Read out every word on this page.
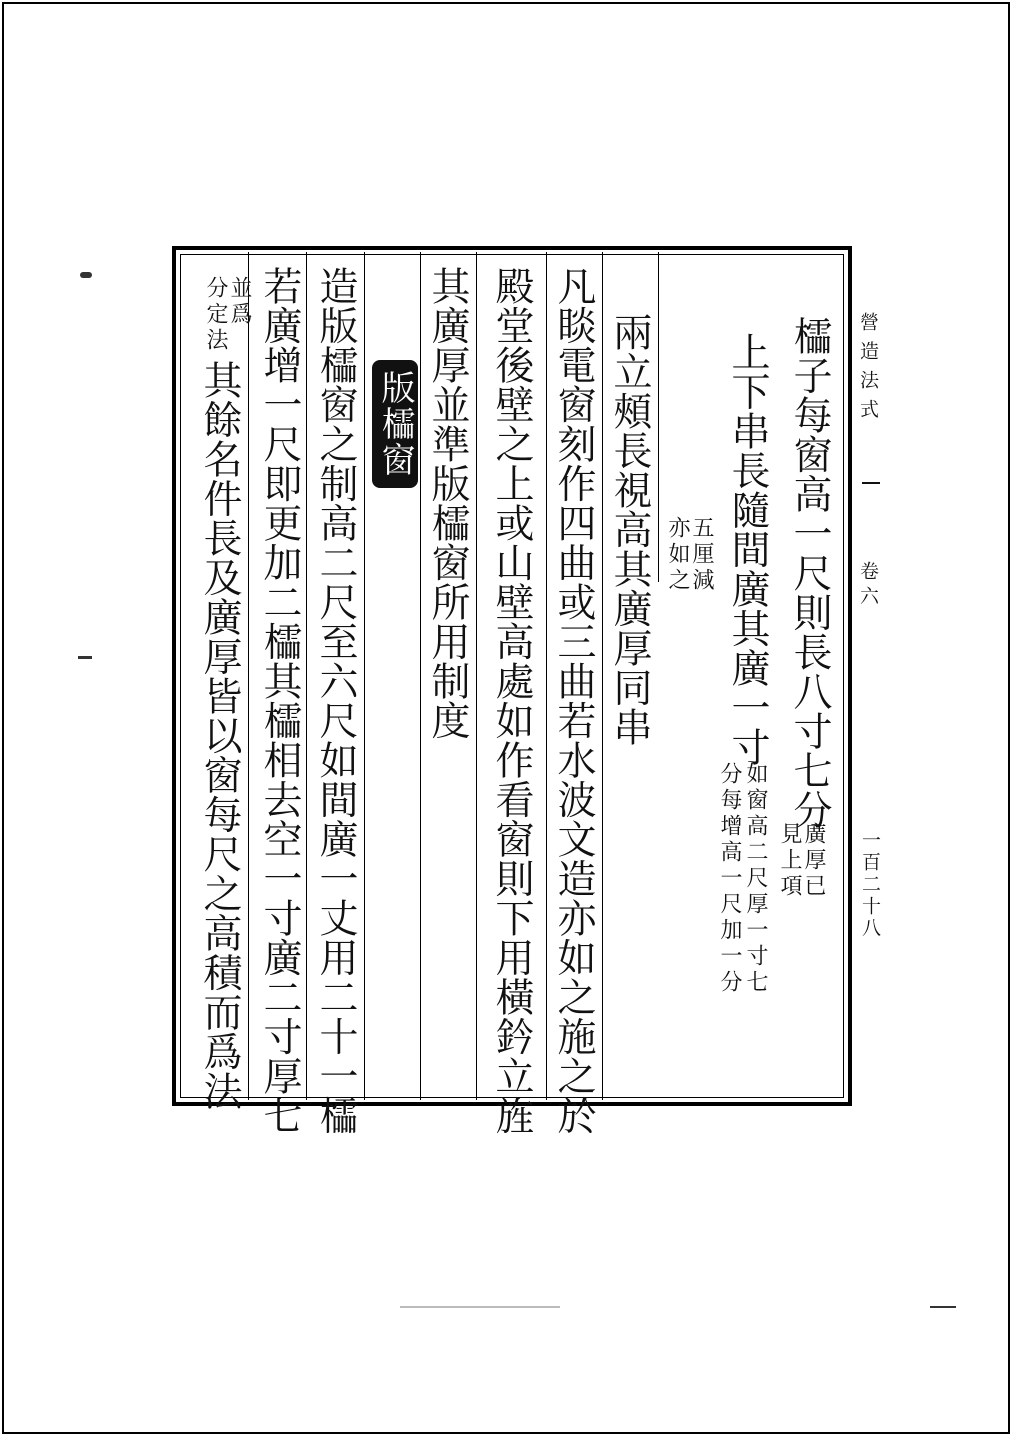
營造法式
卷六
一百二十八
櫺子每窗高一尺則長八寸七分
廣厚已
見上項
上下串長隨間廣其廣一寸
如窗高二尺厚一寸七
分每增高一尺加一分
五厘減
亦如之
兩立頰長視高其廣厚同串
凡睒電窗刻作四曲或三曲若水波文造亦如之施之於
殿堂後壁之上或山壁高處如作看窗則下用橫鈐立旌
其廣厚並準版櫺窗所用制度
版櫺窗
造版櫺窗之制高二尺至六尺如間廣一丈用二十一櫺
若廣增一尺即更加二櫺其櫺相去空一寸廣二寸厚七
並爲
分定法
其餘名件長及廣厚皆以窗每尺之高積而爲法
